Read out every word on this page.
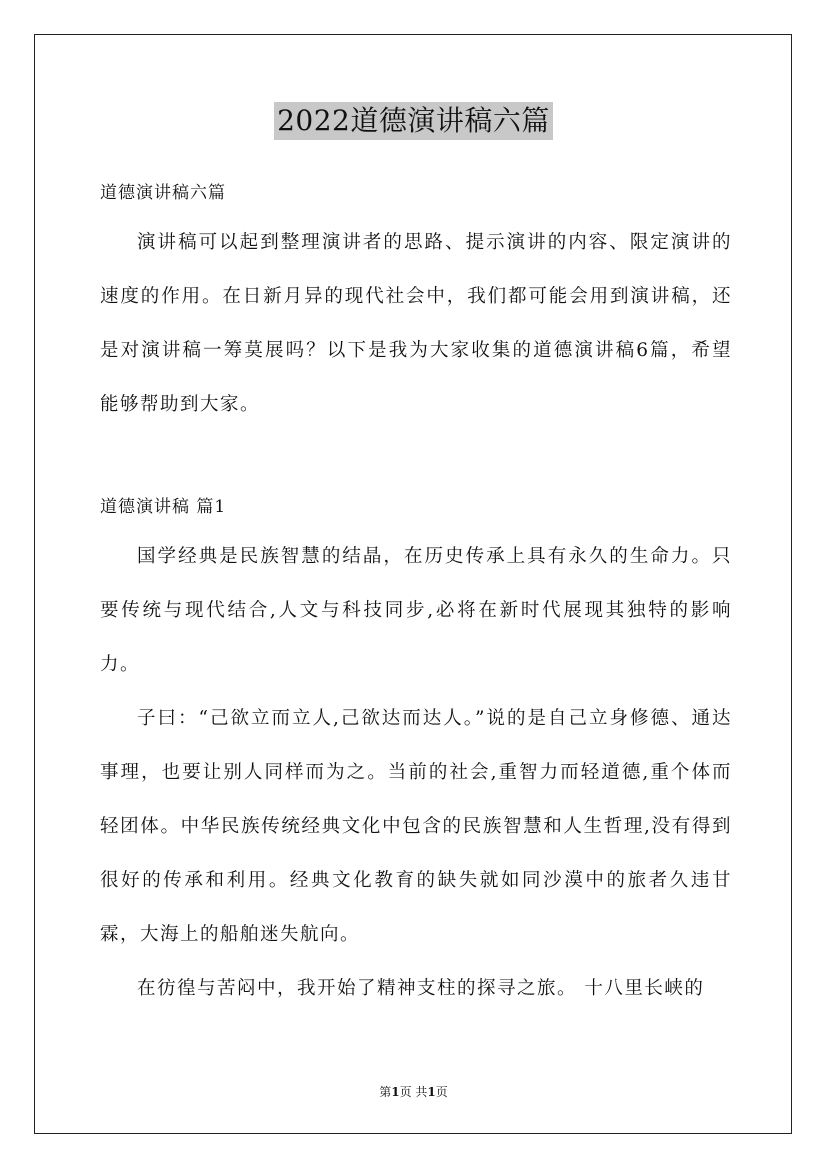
2022道德演讲稿六篇

道德演讲稿六篇

演讲稿可以起到整理演讲者的思路、提示演讲的内容、限定演讲的速度的作用。在日新月异的现代社会中，我们都可能会用到演讲稿，还是对演讲稿一筹莫展吗？以下是我为大家收集的道德演讲稿6篇，希望能够帮助到大家。

道德演讲稿 篇1

国学经典是民族智慧的结晶，在历史传承上具有永久的生命力。只要传统与现代结合,人文与科技同步,必将在新时代展现其独特的影响力。

子曰：“己欲立而立人,己欲达而达人。”说的是自己立身修德、通达事理，也要让别人同样而为之。当前的社会,重智力而轻道德,重个体而轻团体。中华民族传统经典文化中包含的民族智慧和人生哲理,没有得到很好的传承和利用。经典文化教育的缺失就如同沙漠中的旅者久违甘霖，大海上的船舶迷失航向。

在彷徨与苦闷中，我开始了精神支柱的探寻之旅。 十八里长峡的

第1页 共1页
